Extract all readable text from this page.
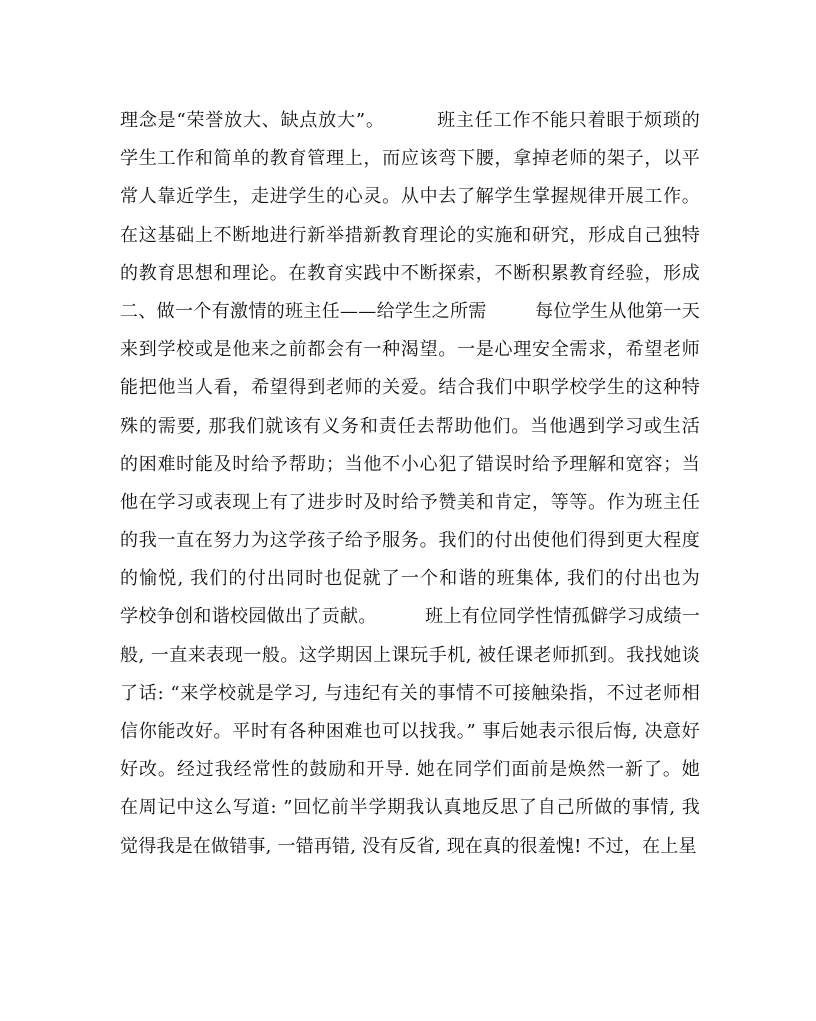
理念是“荣誉放大、缺点放大”。        班主任工作不能只着眼于烦琐的
学生工作和简单的教育管理上，而应该弯下腰，拿掉老师的架子，以平
常人靠近学生，走进学生的心灵。从中去了解学生掌握规律开展工作。
在这基础上不断地进行新举措新教育理论的实施和研究，形成自己独特
的教育思想和理论。在教育实践中不断探索，不断积累教育经验，形成
二、做一个有激情的班主任——给学生之所需        每位学生从他第一天
来到学校或是他来之前都会有一种渴望。一是心理安全需求，希望老师
能把他当人看，希望得到老师的关爱。结合我们中职学校学生的这种特
殊的需要, 那我们就该有义务和责任去帮助他们。当他遇到学习或生活
的困难时能及时给予帮助；当他不小心犯了错误时给予理解和宽容；当
他在学习或表现上有了进步时及时给予赞美和肯定，等等。作为班主任
的我一直在努力为这学孩子给予服务。我们的付出使他们得到更大程度
的愉悦, 我们的付出同时也促就了一个和谐的班集体, 我们的付出也为
学校争创和谐校园做出了贡献。        班上有位同学性情孤僻学习成绩一
般, 一直来表现一般。这学期因上课玩手机, 被任课老师抓到。我找她谈
了话: “来学校就是学习, 与违纪有关的事情不可接触染指，不过老师相
信你能改好。平时有各种困难也可以找我。” 事后她表示很后悔, 决意好
好改。经过我经常性的鼓励和开导. 她在同学们面前是焕然一新了。她
在周记中这么写道: ”回忆前半学期我认真地反思了自己所做的事情, 我
觉得我是在做错事, 一错再错, 没有反省, 现在真的很羞愧! 不过，在上星
